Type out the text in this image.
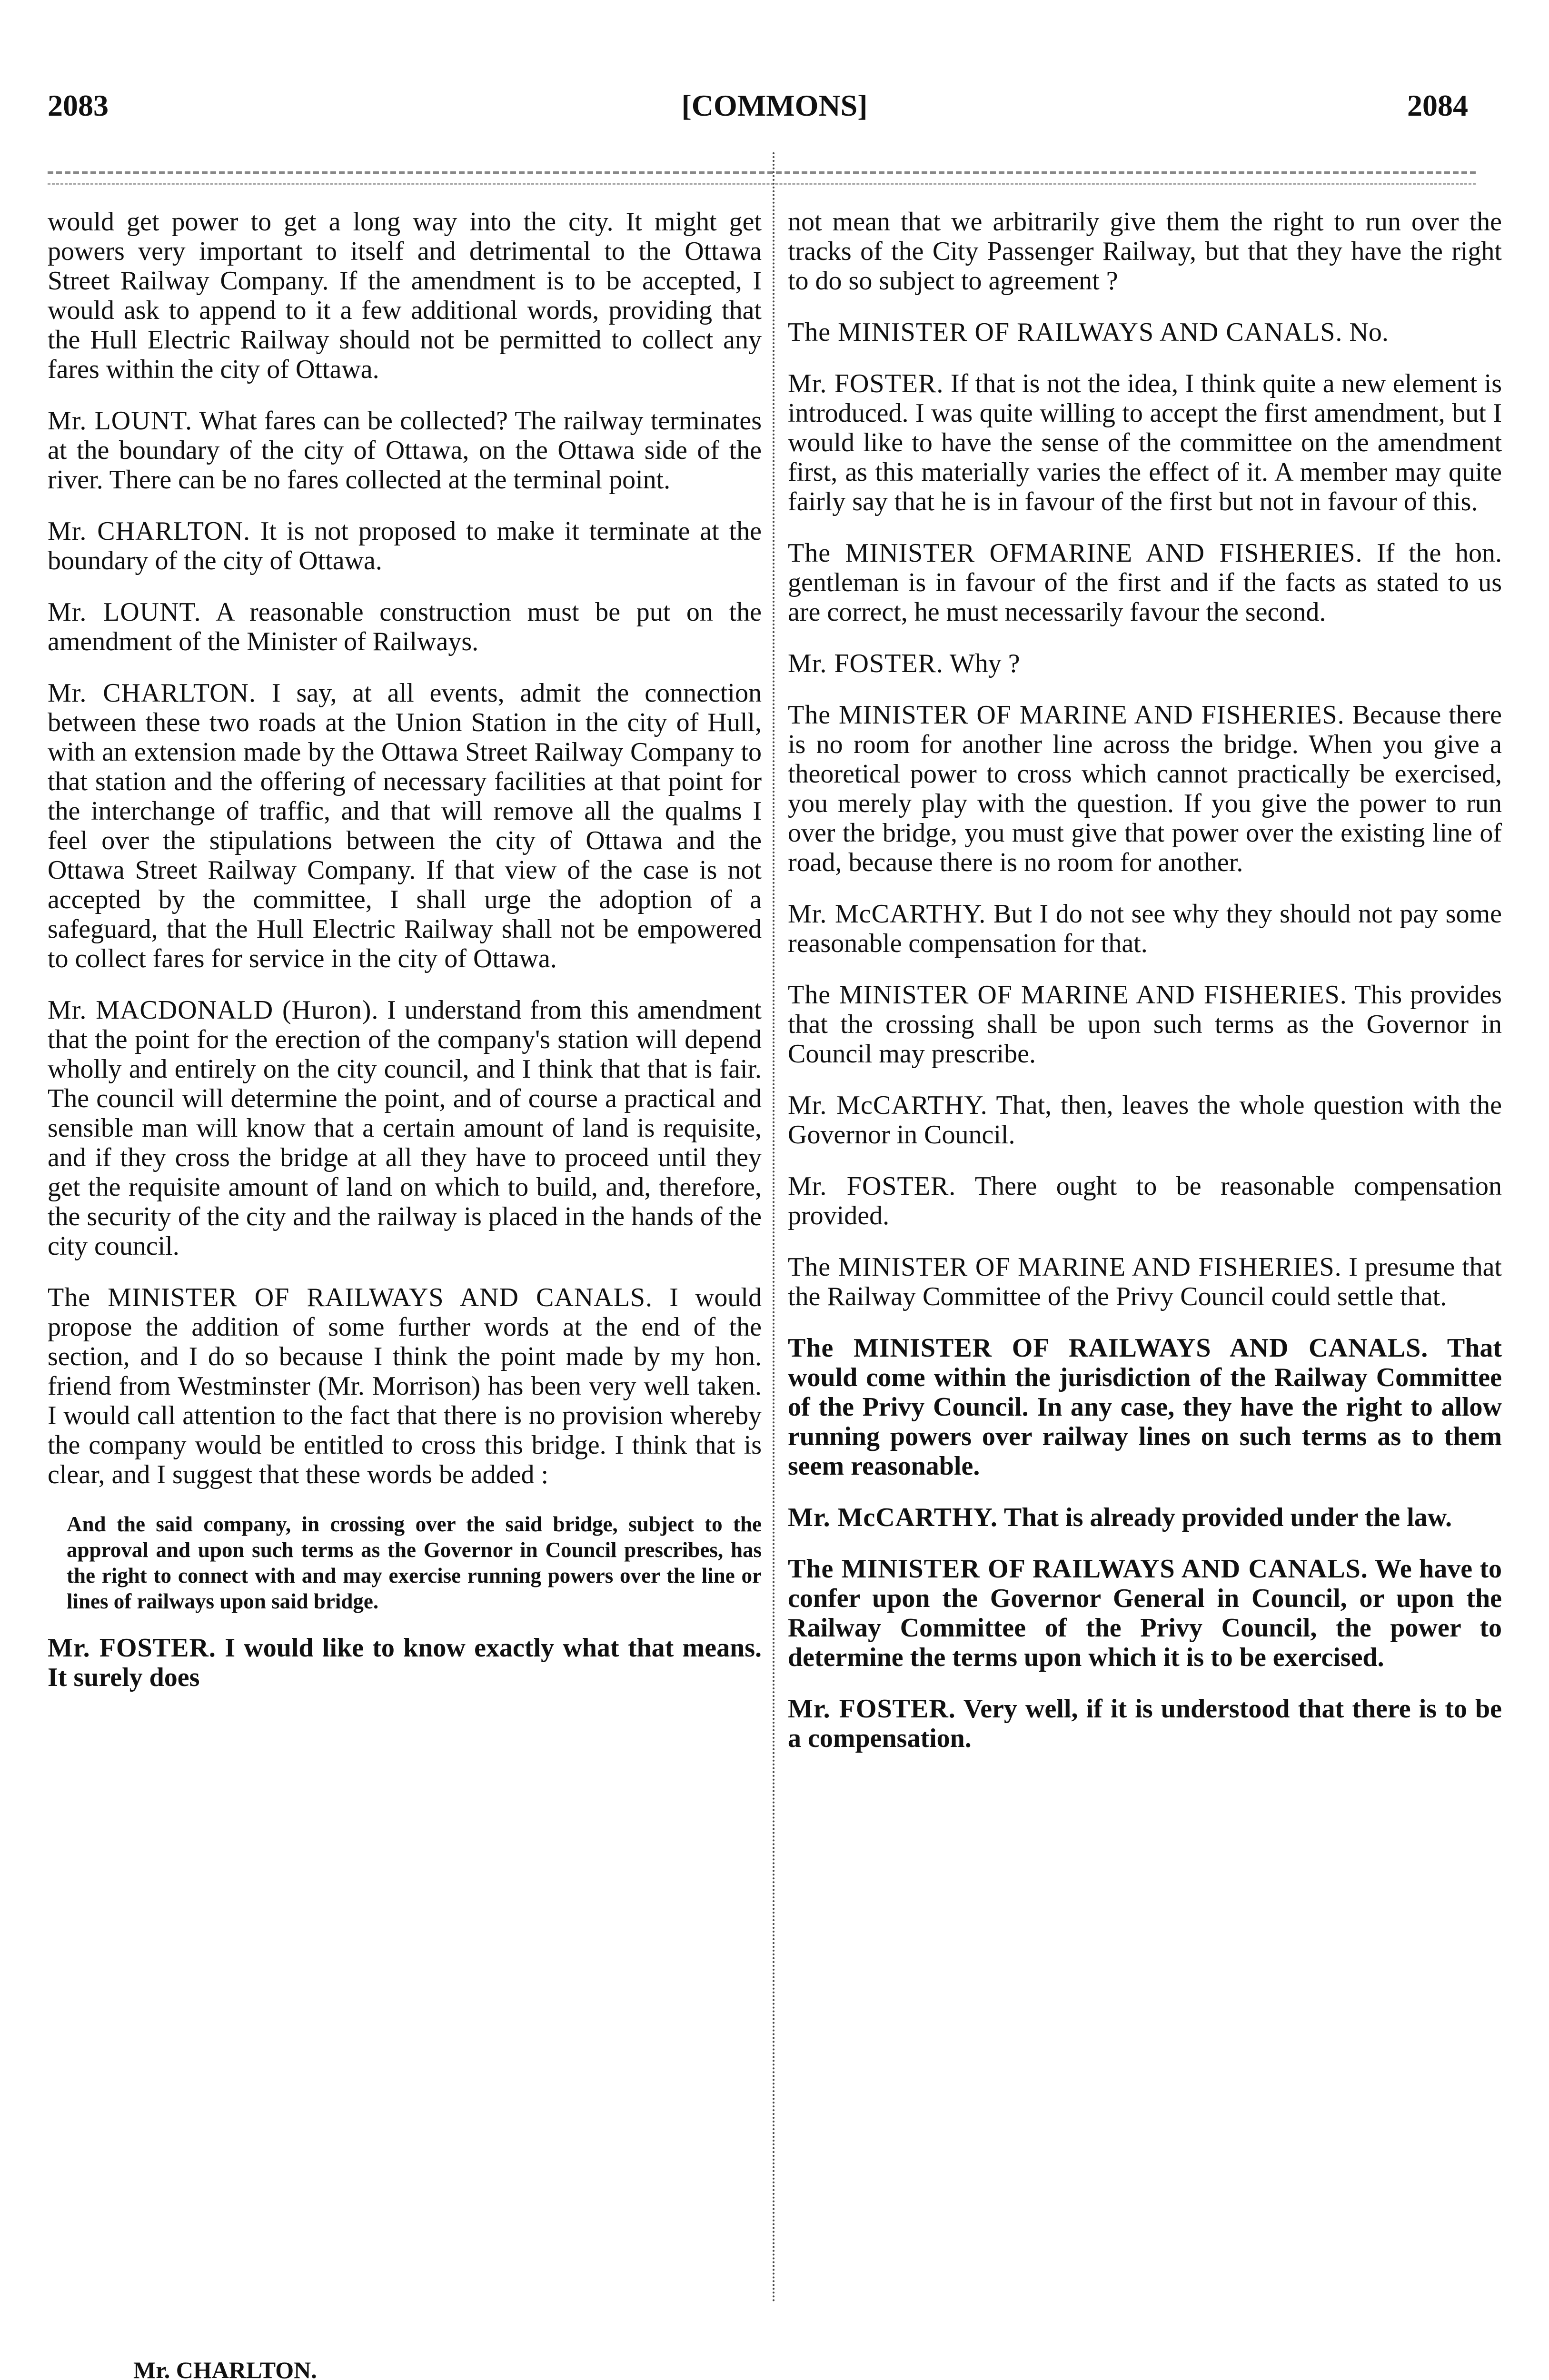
2083	[COMMONS]	2084

would get power to get a long way into the city. It might get powers very important to itself and detrimental to the Ottawa Street Railway Company. If the amendment is to be accepted, I would ask to append to it a few additional words, providing that the Hull Electric Railway should not be permitted to collect any fares within the city of Ottawa.

Mr. LOUNT. What fares can be collected? The railway terminates at the boundary of the city of Ottawa, on the Ottawa side of the river. There can be no fares collected at the terminal point.

Mr. CHARLTON. It is not proposed to make it terminate at the boundary of the city of Ottawa.

Mr. LOUNT. A reasonable construction must be put on the amendment of the Minister of Railways.

Mr. CHARLTON. I say, at all events, admit the connection between these two roads at the Union Station in the city of Hull, with an extension made by the Ottawa Street Railway Company to that station and the offering of necessary facilities at that point for the interchange of traffic, and that will remove all the qualms I feel over the stipulations between the city of Ottawa and the Ottawa Street Railway Company. If that view of the case is not accepted by the committee, I shall urge the adoption of a safeguard, that the Hull Electric Railway shall not be empowered to collect fares for service in the city of Ottawa.

Mr. MACDONALD (Huron). I understand from this amendment that the point for the erection of the company's station will depend wholly and entirely on the city council, and I think that that is fair. The council will determine the point, and of course a practical and sensible man will know that a certain amount of land is requisite, and if they cross the bridge at all they have to proceed until they get the requisite amount of land on which to build, and, therefore, the security of the city and the railway is placed in the hands of the city council.

The MINISTER OF RAILWAYS AND CANALS. I would propose the addition of some further words at the end of the section, and I do so because I think the point made by my hon. friend from Westminster (Mr. Morrison) has been very well taken. I would call attention to the fact that there is no provision whereby the company would be entitled to cross this bridge. I think that is clear, and I suggest that these words be added :

And the said company, in crossing over the said bridge, subject to the approval and upon such terms as the Governor in Council prescribes, has the right to connect with and may exercise running powers over the line or lines of railways upon said bridge.

Mr. FOSTER. I would like to know exactly what that means. It surely does

not mean that we arbitrarily give them the right to run over the tracks of the City Passenger Railway, but that they have the right to do so subject to agreement ?

The MINISTER OF RAILWAYS AND CANALS. No.

Mr. FOSTER. If that is not the idea, I think quite a new element is introduced. I was quite willing to accept the first amendment, but I would like to have the sense of the committee on the amendment first, as this materially varies the effect of it. A member may quite fairly say that he is in favour of the first but not in favour of this.

The MINISTER OFMARINE AND FISHERIES. If the hon. gentleman is in favour of the first and if the facts as stated to us are correct, he must necessarily favour the second.

Mr. FOSTER. Why ?

The MINISTER OF MARINE AND FISHERIES. Because there is no room for another line across the bridge. When you give a theoretical power to cross which cannot practically be exercised, you merely play with the question. If you give the power to run over the bridge, you must give that power over the existing line of road, because there is no room for another.

Mr. McCARTHY. But I do not see why they should not pay some reasonable compensation for that.

The MINISTER OF MARINE AND FISHERIES. This provides that the crossing shall be upon such terms as the Governor in Council may prescribe.

Mr. McCARTHY. That, then, leaves the whole question with the Governor in Council.

Mr. FOSTER. There ought to be reasonable compensation provided.

The MINISTER OF MARINE AND FISHERIES. I presume that the Railway Committee of the Privy Council could settle that.

The MINISTER OF RAILWAYS AND CANALS. That would come within the jurisdiction of the Railway Committee of the Privy Council. In any case, they have the right to allow running powers over railway lines on such terms as to them seem reasonable.

Mr. McCARTHY. That is already provided under the law.

The MINISTER OF RAILWAYS AND CANALS. We have to confer upon the Governor General in Council, or upon the Railway Committee of the Privy Council, the power to determine the terms upon which it is to be exercised.

Mr. FOSTER. Very well, if it is understood that there is to be a compensation.

Mr. CHARLTON.
